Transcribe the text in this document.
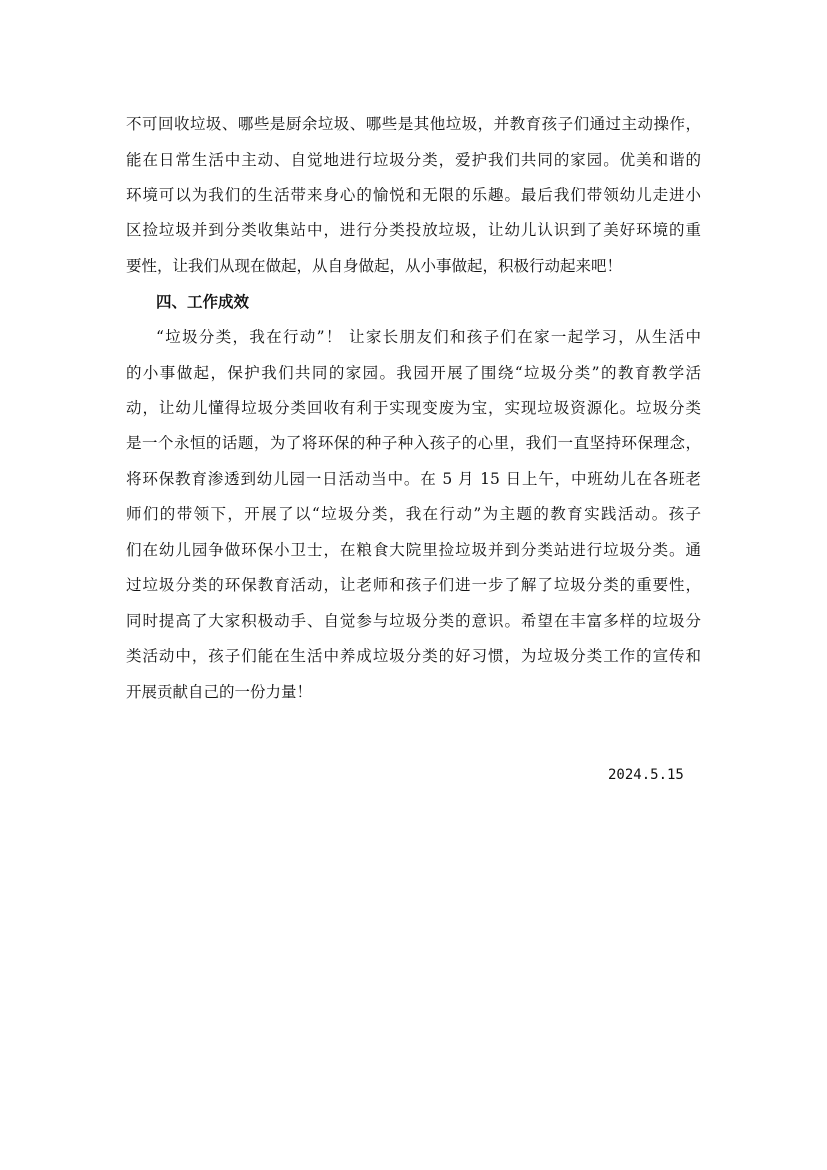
不可回收垃圾、哪些是厨余垃圾、哪些是其他垃圾，并教育孩子们通过主动操作，
能在日常生活中主动、自觉地进行垃圾分类，爱护我们共同的家园。优美和谐的
环境可以为我们的生活带来身心的愉悦和无限的乐趣。最后我们带领幼儿走进小
区捡垃圾并到分类收集站中，进行分类投放垃圾，让幼儿认识到了美好环境的重
要性，让我们从现在做起，从自身做起，从小事做起，积极行动起来吧！
四、工作成效
“垃圾分类，我在行动”！ 让家长朋友们和孩子们在家一起学习，从生活中
的小事做起，保护我们共同的家园。我园开展了围绕“垃圾分类”的教育教学活
动，让幼儿懂得垃圾分类回收有利于实现变废为宝，实现垃圾资源化。垃圾分类
是一个永恒的话题，为了将环保的种子种入孩子的心里，我们一直坚持环保理念，
将环保教育渗透到幼儿园一日活动当中。在 5 月 15 日上午，中班幼儿在各班老
师们的带领下，开展了以“垃圾分类，我在行动”为主题的教育实践活动。孩子
们在幼儿园争做环保小卫士，在粮食大院里捡垃圾并到分类站进行垃圾分类。通
过垃圾分类的环保教育活动，让老师和孩子们进一步了解了垃圾分类的重要性，
同时提高了大家积极动手、自觉参与垃圾分类的意识。希望在丰富多样的垃圾分
类活动中，孩子们能在生活中养成垃圾分类的好习惯，为垃圾分类工作的宣传和
开展贡献自己的一份力量！
2024.5.15
